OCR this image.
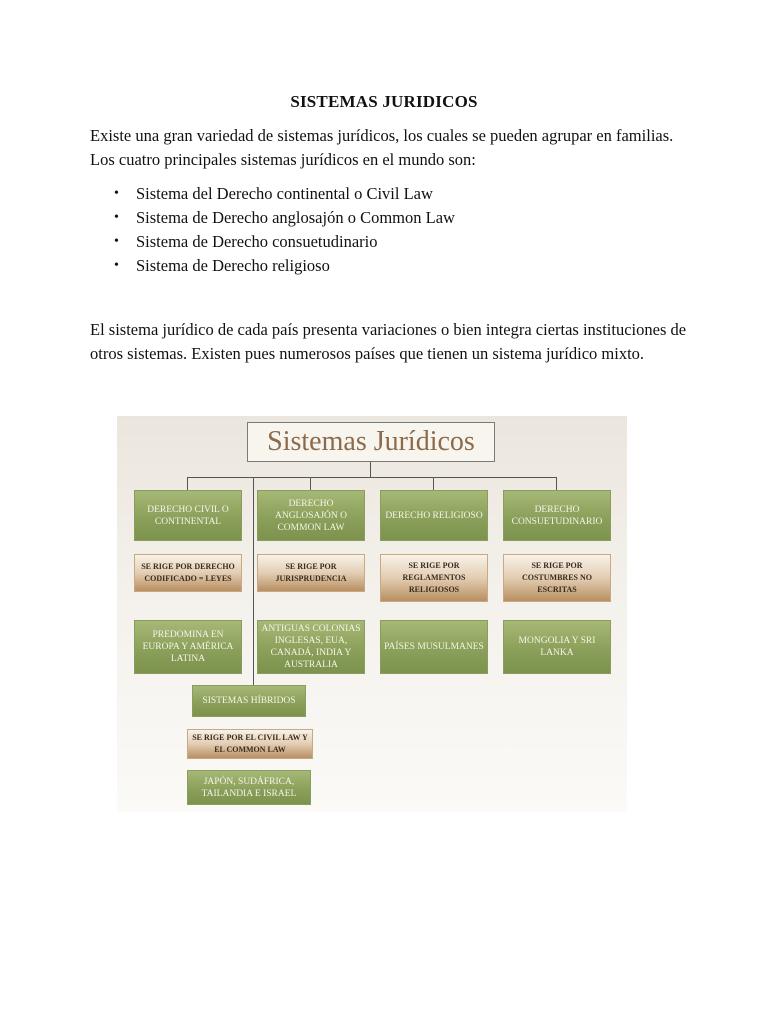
SISTEMAS JURIDICOS

Existe una gran variedad de sistemas jurídicos, los cuales se pueden agrupar en familias. Los cuatro principales sistemas jurídicos en el mundo son:

• Sistema del Derecho continental o Civil Law
• Sistema de Derecho anglosajón o Common Law
• Sistema de Derecho consuetudinario
• Sistema de Derecho religioso

El sistema jurídico de cada país presenta variaciones o bien integra ciertas instituciones de otros sistemas. Existen pues numerosos países que tienen un sistema jurídico mixto.

Sistemas Jurídicos
DERECHO CIVIL O CONTINENTAL
SE RIGE POR DERECHO CODIFICADO = LEYES
PREDOMINA EN EUROPA Y AMÉRICA LATINA
DERECHO ANGLOSAJÓN O COMMON LAW
SE RIGE POR JURISPRUDENCIA
ANTIGUAS COLONIAS INGLESAS, EUA, CANADÁ, INDIA Y AUSTRALIA
DERECHO RELIGIOSO
SE RIGE POR REGLAMENTOS RELIGIOSOS
PAÍSES MUSULMANES
DERECHO CONSUETUDINARIO
SE RIGE POR COSTUMBRES NO ESCRITAS
MONGOLIA Y SRI LANKA
SISTEMAS HÍBRIDOS
SE RIGE POR EL CIVIL LAW Y EL COMMON LAW
JAPÓN, SUDÁFRICA, TAILANDIA E ISRAEL
